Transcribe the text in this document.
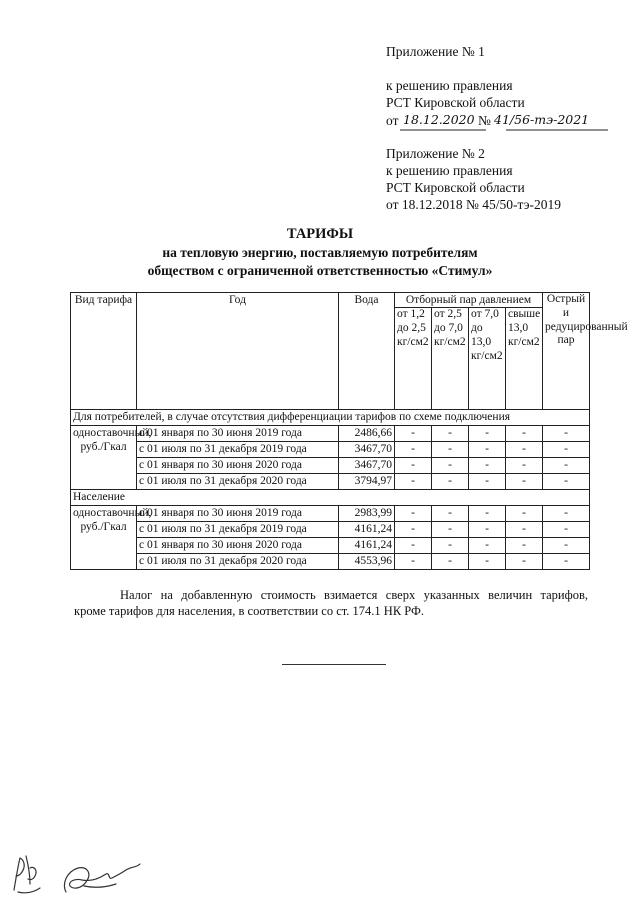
Приложение № 1
к решению правления
РСТ Кировской области
от 18.12.2020 № 41/56-тэ-2021
Приложение № 2
к решению правления
РСТ Кировской области
от 18.12.2018 № 45/50-тэ-2019
ТАРИФЫ
на тепловую энергию, поставляемую потребителям
обществом с ограниченной ответственностью «Стимул»
Вид тарифа	Год	Вода	Отборный пар давлением				Острый и редуцированный пар
			от 1,2 до 2,5 кг/см2	от 2,5 до 7,0 кг/см2	от 7,0 до 13,0 кг/см2	свыше 13,0 кг/см2	
Для потребителей, в случае отсутствия дифференциации тарифов по схеме подключения							
одноставочный, руб./Гкал	с 01 января по 30 июня 2019 года	2486,66	-	-	-	-	-
	с 01 июля по 31 декабря 2019 года	3467,70	-	-	-	-	-
	с 01 января по 30 июня 2020 года	3467,70	-	-	-	-	-
	с 01 июля по 31 декабря 2020 года	3794,97	-	-	-	-	-
Население							
одноставочный, руб./Гкал	с 01 января по 30 июня 2019 года	2983,99	-	-	-	-	-
	с 01 июля по 31 декабря 2019 года	4161,24	-	-	-	-	-
	с 01 января по 30 июня 2020 года	4161,24	-	-	-	-	-
	с 01 июля по 31 декабря 2020 года	4553,96	-	-	-	-	-

Налог на добавленную стоимость взимается сверх указанных величин тарифов,

кроме тарифов для населения, в соответствии со ст. 174.1 НК РФ.
